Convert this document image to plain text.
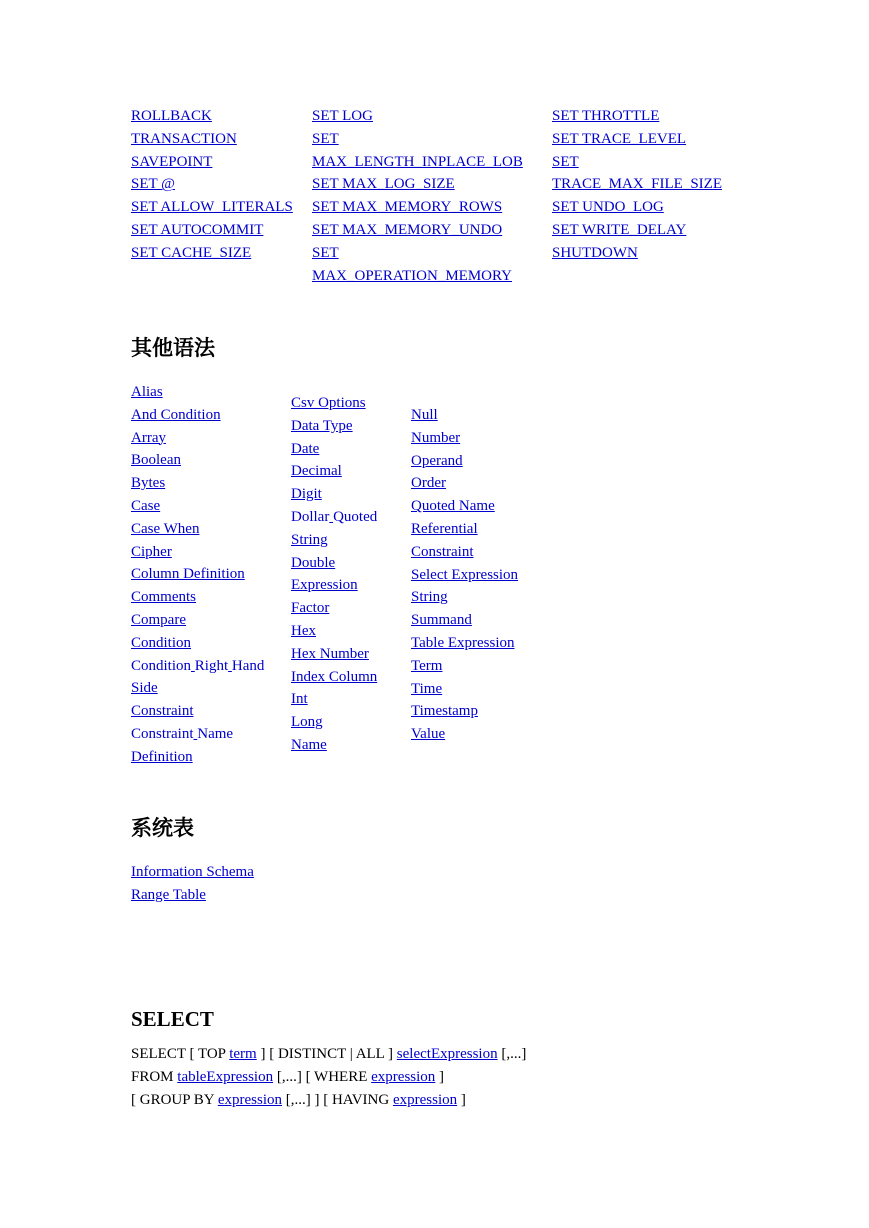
ROLLBACK
TRANSACTION
SAVEPOINT
SET @
SET ALLOW_LITERALS
SET AUTOCOMMIT
SET CACHE_SIZE
SET LOG
SET
MAX_LENGTH_INPLACE_LOB
SET MAX_LOG_SIZE
SET MAX_MEMORY_ROWS
SET MAX_MEMORY_UNDO
SET
MAX_OPERATION_MEMORY
SET THROTTLE
SET TRACE_LEVEL
SET
TRACE_MAX_FILE_SIZE
SET UNDO_LOG
SET WRITE_DELAY
SHUTDOWN
其他语法
Alias
And Condition
Array
Boolean
Bytes
Case
Case When
Cipher
Column Definition
Comments
Compare
Condition
Condition Right Hand
Side
Constraint
Constraint Name
Definition
Csv Options
Data Type
Date
Decimal
Digit
Dollar Quoted
String
Double
Expression
Factor
Hex
Hex Number
Index Column
Int
Long
Name
Null
Number
Operand
Order
Quoted Name
Referential
Constraint
Select Expression
String
Summand
Table Expression
Term
Time
Timestamp
Value
系统表
Information Schema
Range Table
SELECT
SELECT [ TOP term ] [ DISTINCT | ALL ] selectExpression [,...]
FROM tableExpression [,...] [ WHERE expression ]
[ GROUP BY expression [,...] ] [ HAVING expression ]
